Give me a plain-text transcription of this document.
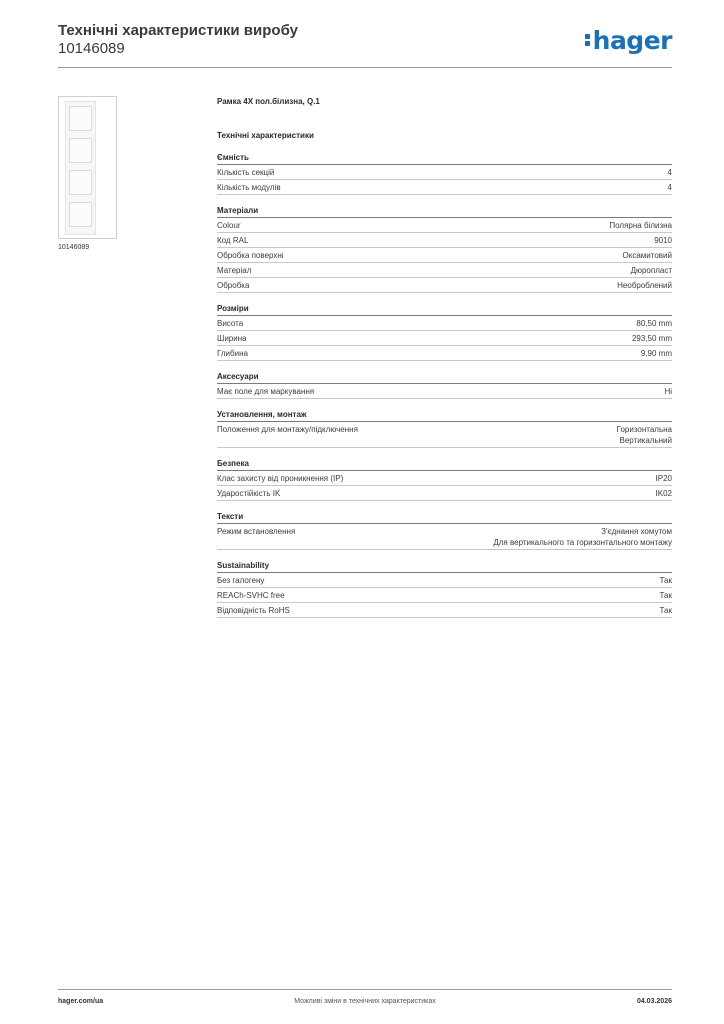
Технічні характеристики виробу
10146089	hager
10146089
Рамка 4X пол.білизна, Q.1
Технічні характеристики
Ємність
Кількість секцій	4
Кількість модулів	4
Матеріали
Colour	Полярна білизна
Код RAL	9010
Обробка поверхні	Оксамитовий
Матеріал	Дюропласт
Обробка	Необроблений
Розміри
Висота	80,50 mm
Ширина	293,50 mm
Глибина	9,90 mm
Аксесуари
Має поле для маркування	Ні
Установлення, монтаж
Положення для монтажу/підключення	Горизонтальна
Вертикальний
Безпека
Клас захисту від проникнення (IP)	IP20
Ударостійкість IK	IK02
Тексти
Режим встановлення	З'єднання хомутом
Для вертикального та горизонтального монтажу
Sustainability
Без галогену	Так
REACh-SVHC free	Так
Відповідність RoHS	Так
Можливі зміни в технічних характеристиках
hager.com/ua	04.03.2026
